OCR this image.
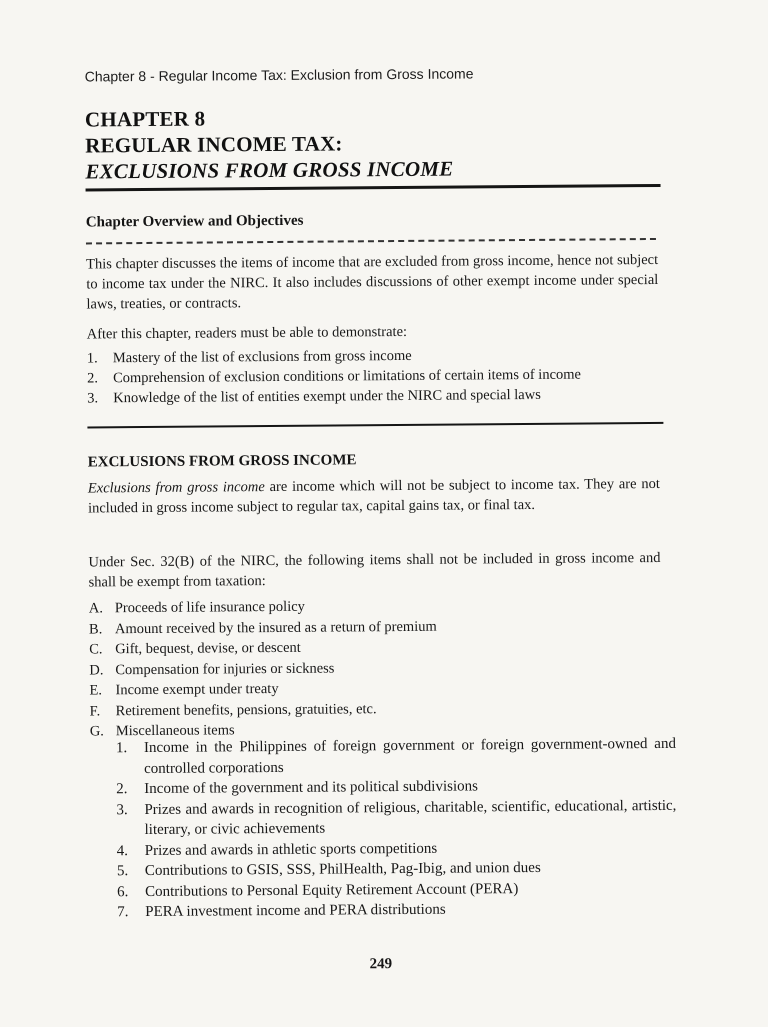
Chapter 8 - Regular Income Tax: Exclusion from Gross Income
CHAPTER 8
REGULAR INCOME TAX:
EXCLUSIONS FROM GROSS INCOME
Chapter Overview and Objectives

This chapter discusses the items of income that are excluded from gross income, hence not subject to income tax under the NIRC. It also includes discussions of other exempt income under special laws, treaties, or contracts.

After this chapter, readers must be able to demonstrate:

1.	Mastery of the list of exclusions from gross income
2.	Comprehension of exclusion conditions or limitations of certain items of income
3.	Knowledge of the list of entities exempt under the NIRC and special laws
EXCLUSIONS FROM GROSS INCOME

Exclusions from gross income are income which will not be subject to income tax. They are not included in gross income subject to regular tax, capital gains tax, or final tax.

Under Sec. 32(B) of the NIRC, the following items shall not be included in gross income and shall be exempt from taxation:

A. Proceeds of life insurance policy
B. Amount received by the insured as a return of premium
C. Gift, bequest, devise, or descent
D. Compensation for injuries or sickness
E. Income exempt under treaty
F.	Retirement benefits, pensions, gratuities, etc.
G. Miscellaneous items
1.	Income in the Philippines of foreign government or foreign government-owned and controlled corporations
2.	Income of the government and its political subdivisions
3.	Prizes and awards in recognition of religious, charitable, scientific, educational, artistic, literary, or civic achievements
4.	Prizes and awards in athletic sports competitions
5.	Contributions to GSIS, SSS, PhilHealth, Pag-Ibig, and union dues
6.	Contributions to Personal Equity Retirement Account (PERA)
7.	PERA investment income and PERA distributions
249
